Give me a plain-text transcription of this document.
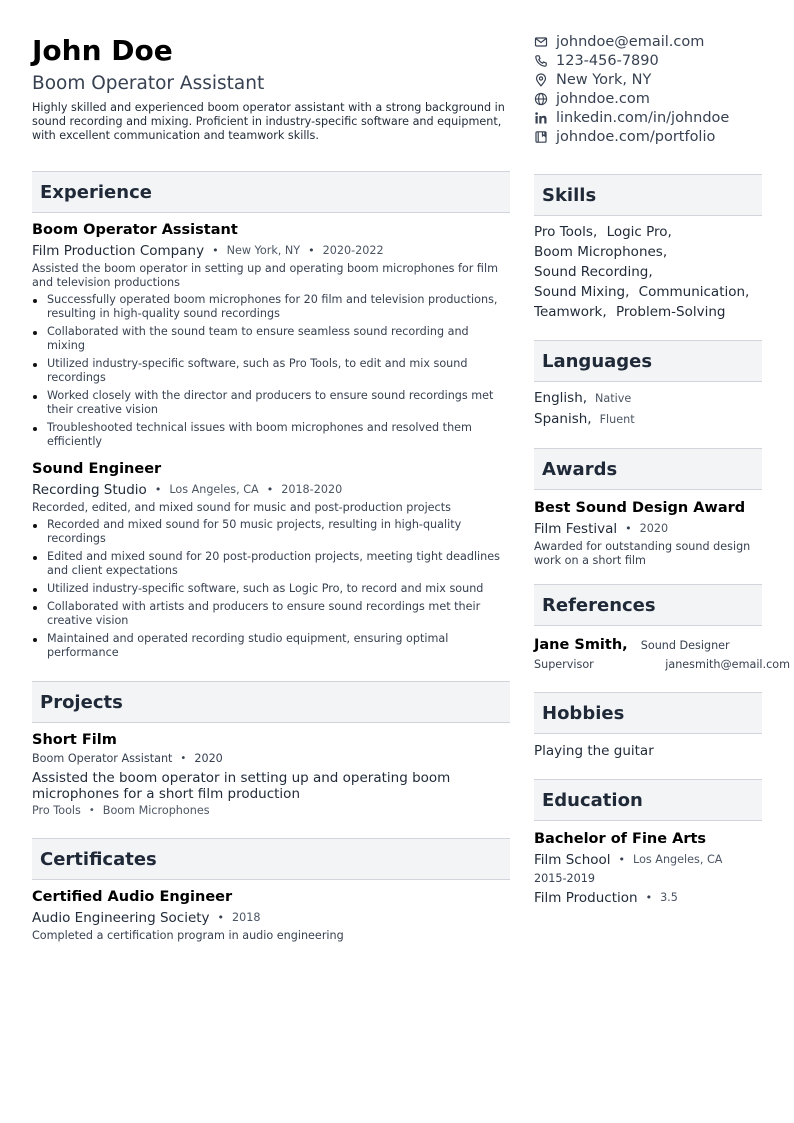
John Doe
Boom Operator Assistant
Highly skilled and experienced boom operator assistant with a strong background in sound recording and mixing. Proficient in industry-specific software and equipment, with excellent communication and teamwork skills.
Experience
Boom Operator Assistant
Film Production Company • New York, NY • 2020-2022
Assisted the boom operator in setting up and operating boom microphones for film and television productions
Successfully operated boom microphones for 20 film and television productions, resulting in high-quality sound recordings
Collaborated with the sound team to ensure seamless sound recording and mixing
Utilized industry-specific software, such as Pro Tools, to edit and mix sound recordings
Worked closely with the director and producers to ensure sound recordings met their creative vision
Troubleshooted technical issues with boom microphones and resolved them efficiently
Sound Engineer
Recording Studio • Los Angeles, CA • 2018-2020
Recorded, edited, and mixed sound for music and post-production projects
Recorded and mixed sound for 50 music projects, resulting in high-quality recordings
Edited and mixed sound for 20 post-production projects, meeting tight deadlines and client expectations
Utilized industry-specific software, such as Logic Pro, to record and mix sound
Collaborated with artists and producers to ensure sound recordings met their creative vision
Maintained and operated recording studio equipment, ensuring optimal performance
Projects
Short Film
Boom Operator Assistant • 2020
Assisted the boom operator in setting up and operating boom microphones for a short film production
Pro Tools • Boom Microphones
Certificates
Certified Audio Engineer
Audio Engineering Society • 2018
Completed a certification program in audio engineering
johndoe@email.com
123-456-7890
New York, NY
johndoe.com
linkedin.com/in/johndoe
johndoe.com/portfolio
Skills
Pro Tools, Logic Pro,
Boom Microphones,
Sound Recording,
Sound Mixing, Communication,
Teamwork, Problem-Solving
Languages
English, Native
Spanish, Fluent
Awards
Best Sound Design Award
Film Festival • 2020
Awarded for outstanding sound design work on a short film
References
Jane Smith, Sound Designer
Supervisor	janesmith@email.com
Hobbies
Playing the guitar
Education
Bachelor of Fine Arts
Film School • Los Angeles, CA
2015-2019
Film Production • 3.5
